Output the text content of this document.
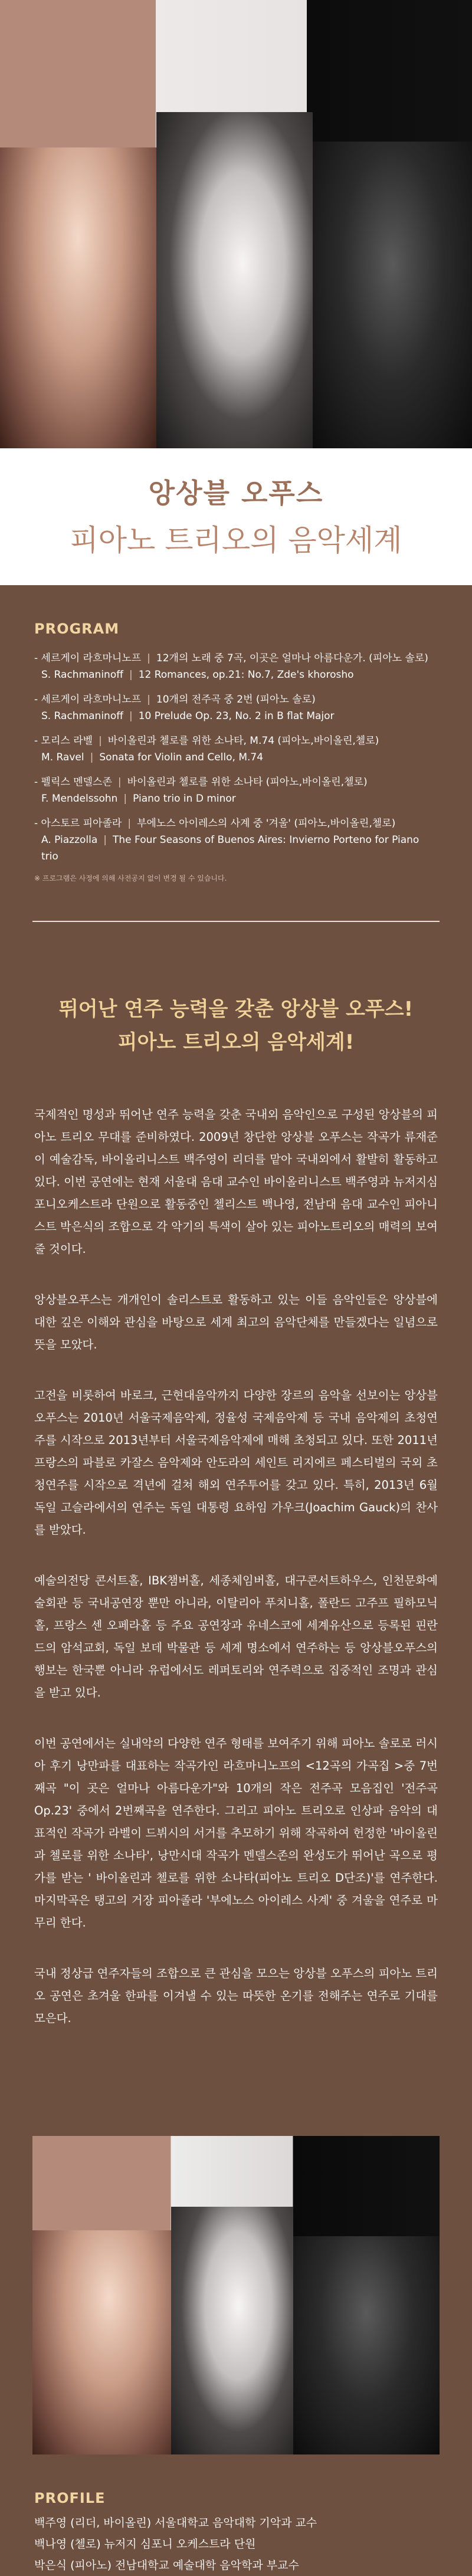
앙상블 오푸스
피아노 트리오의 음악세계
PROGRAM
- 세르게이 라흐마니노프 | 12개의 노래 중 7곡, 이곳은 얼마나 아름다운가. (피아노 솔로)
S. Rachmaninoff | 12 Romances, op.21: No.7, Zde's khorosho
- 세르게이 라흐마니노프 | 10개의 전주곡 중 2번 (피아노 솔로)
S. Rachmaninoff | 10 Prelude Op. 23, No. 2 in B flat Major
- 모리스 라벨 | 바이올린과 첼로를 위한 소나타, M.74 (피아노,바이올린,첼로)
M. Ravel | Sonata for Violin and Cello, M.74
- 펠릭스 멘델스존 | 바이올린과 첼로를 위한 소나타 (피아노,바이올린,첼로)
F. Mendelssohn | Piano trio in D minor
- 아스토르 피아졸라 | 부에노스 아이레스의 사계 중 '겨울' (피아노,바이올린,첼로)
A. Piazzolla | The Four Seasons of Buenos Aires: Invierno Porteno for Piano trio
※ 프로그램은 사정에 의해 사전공지 없이 변경 될 수 있습니다.
뛰어난 연주 능력을 갖춘 앙상블 오푸스!
피아노 트리오의 음악세계!

국제적인 명성과 뛰어난 연주 능력을 갖춘 국내외 음악인으로 구성된 앙상블의 피아노 트리오 무대를 준비하였다. 2009년 창단한 앙상블 오푸스는 작곡가 류재준이 예술감독, 바이올리니스트 백주영이 리더를 맡아 국내외에서 활발히 활동하고 있다. 이번 공연에는 현재 서울대 음대 교수인 바이올리니스트 백주영과 뉴저지심포니오케스트라 단원으로 활동중인 첼리스트 백나영, 전남대 음대 교수인 피아니스트 박은식의 조합으로 각 악기의 특색이 살아 있는 피아노트리오의 매력의 보여줄 것이다.

앙상블오푸스는 개개인이 솔리스트로 활동하고 있는 이들 음악인들은 앙상블에 대한 깊은 이해와 관심을 바탕으로 세계 최고의 음악단체를 만들겠다는 일념으로 뜻을 모았다.

고전을 비롯하여 바로크, 근현대음악까지 다양한 장르의 음악을 선보이는 앙상블오푸스는 2010년 서울국제음악제, 정율성 국제음악제 등 국내 음악제의 초청연주를 시작으로 2013년부터 서울국제음악제에 매해 초청되고 있다. 또한 2011년 프랑스의 파블로 카잘스 음악제와 안도라의 세인트 리지에르 페스티벌의 국외 초청연주를 시작으로 격년에 걸쳐 해외 연주투어를 갖고 있다. 특히, 2013년 6월 독일 고슬라에서의 연주는 독일 대통령 요하임 가우크(Joachim Gauck)의 찬사를 받았다.

예술의전당 콘서트홀, IBK챔버홀, 세종체임버홀, 대구콘서트하우스, 인천문화예술회관 등 국내공연장 뿐만 아니라, 이탈리아 푸치니홀, 폴란드 고주프 필하모닉홀, 프랑스 센 오페라홀 등 주요 공연장과 유네스코에 세계유산으로 등록된 핀란드의 암석교회, 독일 보데 박물관 등 세계 명소에서 연주하는 등 앙상블오푸스의 행보는 한국뿐 아니라 유럽에서도 레퍼토리와 연주력으로 집중적인 조명과 관심을 받고 있다.

이번 공연에서는 실내악의 다양한 연주 형태를 보여주기 위해 피아노 솔로로 러시아 후기 낭만파를 대표하는 작곡가인 라흐마니노프의 <12곡의 가곡집 >중 7번째곡 "이 곳은 얼마나 아름다운가"와 10개의 작은 전주곡 모음집인 '전주곡 Op.23' 중에서 2번째곡을 연주한다. 그리고 피아노 트리오로 인상파 음악의 대표적인 작곡가 라벨이 드뷔시의 서거를 추모하기 위해 작곡하여 헌정한 '바이올린과 첼로를 위한 소나타', 낭만시대 작곡가 멘델스존의 완성도가 뛰어난 곡으로 평가를 받는 ' 바이올린과 첼로를 위한 소나타(피아노 트리오 D단조)'를 연주한다. 마지막곡은 탱고의 거장 피아졸라 '부에노스 아이레스 사계' 중 겨울을 연주로 마무리 한다.

국내 정상급 연주자들의 조합으로 큰 관심을 모으는 앙상블 오푸스의 피아노 트리오 공연은 초겨울 한파를 이겨낼 수 있는 따뜻한 온기를 전해주는 연주로 기대를 모은다.

PROFILE
백주영 (리더, 바이올린) 서울대학교 음악대학 기악과 교수
백나영 (첼로) 뉴저지 심포니 오케스트라 단원
박은식 (피아노) 전남대학교 예술대학 음악학과 부교수
